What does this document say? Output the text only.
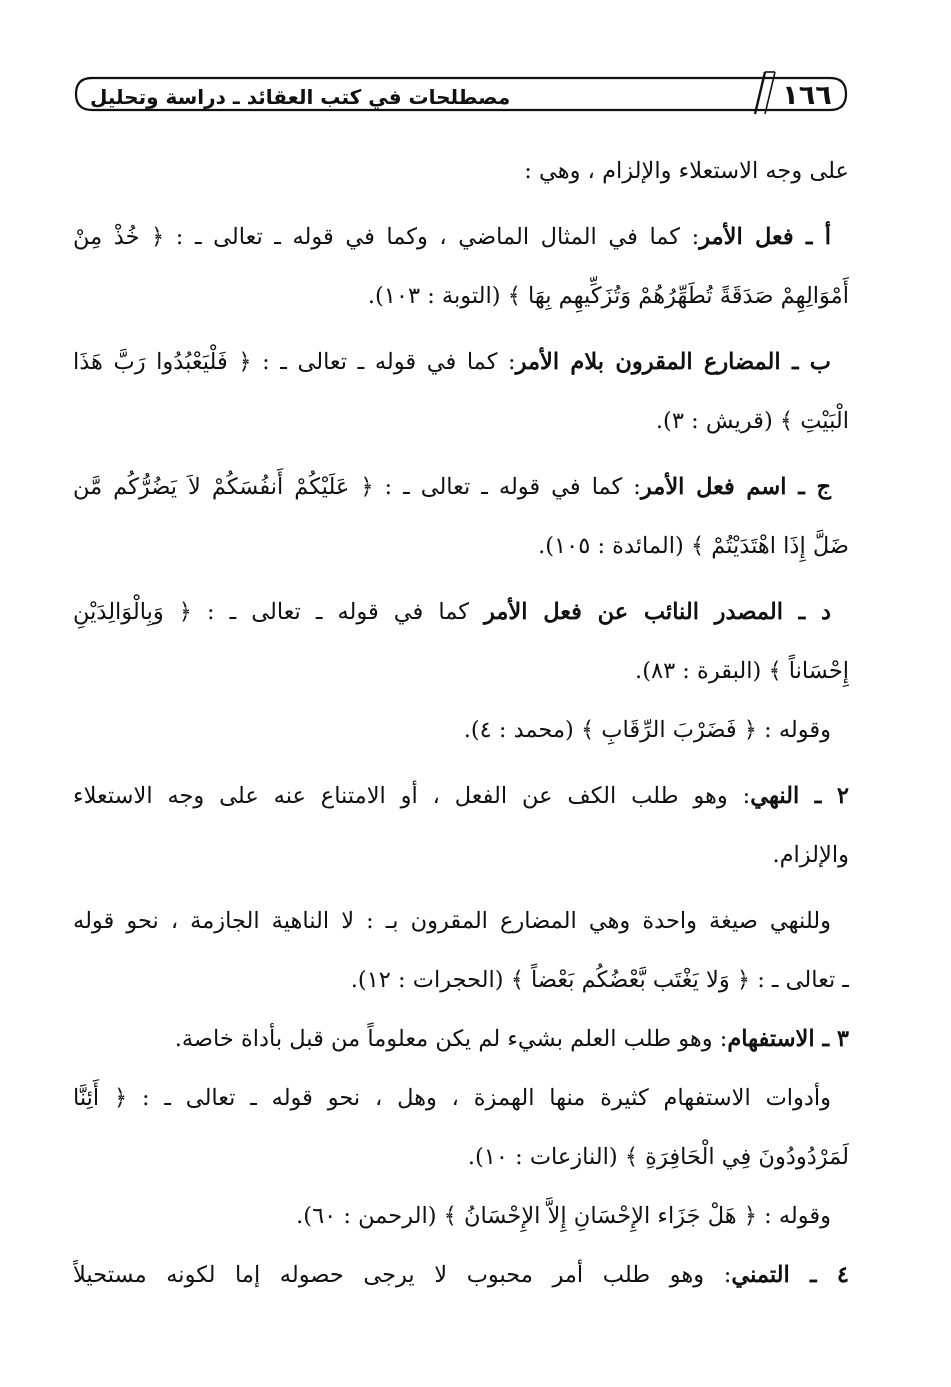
١٦٦
مصطلحات في كتب العقائد ـ دراسة وتحليل
على وجه الاستعلاء والإلزام ، وهي :
أ ـ فعل الأمر: كما في المثال الماضي ، وكما في قوله ـ تعالى ـ : ﴿ خُذْ مِنْ
أَمْوَالِهِمْ صَدَقَةً تُطَهِّرُهُمْ وَتُزَكِّيهِم بِهَا ﴾ (التوبة : ١٠٣).
ب ـ المضارع المقرون بلام الأمر: كما في قوله ـ تعالى ـ : ﴿ فَلْيَعْبُدُوا رَبَّ هَذَا
الْبَيْتِ ﴾ (قريش : ٣).
ج ـ اسم فعل الأمر: كما في قوله ـ تعالى ـ : ﴿ عَلَيْكُمْ أَنفُسَكُمْ لاَ يَضُرُّكُم مَّن
ضَلَّ إِذَا اهْتَدَيْتُمْ ﴾ (المائدة : ١٠٥).
د ـ المصدر النائب عن فعل الأمر كما في قوله ـ تعالى ـ : ﴿ وَبِالْوَالِدَيْنِ
إِحْسَاناً ﴾ (البقرة : ٨٣).
وقوله : ﴿ فَضَرْبَ الرِّقَابِ ﴾ (محمد : ٤).
٢ ـ النهي: وهو طلب الكف عن الفعل ، أو الامتناع عنه على وجه الاستعلاء
والإلزام.
وللنهي صيغة واحدة وهي المضارع المقرون بـ : لا الناهية الجازمة ، نحو قوله
ـ تعالى ـ : ﴿ وَلا يَغْتَب بَّعْضُكُم بَعْضاً ﴾ (الحجرات : ١٢).
٣ ـ الاستفهام: وهو طلب العلم بشيء لم يكن معلوماً من قبل بأداة خاصة.
وأدوات الاستفهام كثيرة منها الهمزة ، وهل ، نحو قوله ـ تعالى ـ : ﴿ أَئِنَّا
لَمَرْدُودُونَ فِي الْحَافِرَةِ ﴾ (النازعات : ١٠).
وقوله : ﴿ هَلْ جَزَاء الإِحْسَانِ إِلاَّ الإِحْسَانُ ﴾ (الرحمن : ٦٠).
٤ ـ التمني: وهو طلب أمر محبوب لا يرجى حصوله إما لكونه مستحيلاً
